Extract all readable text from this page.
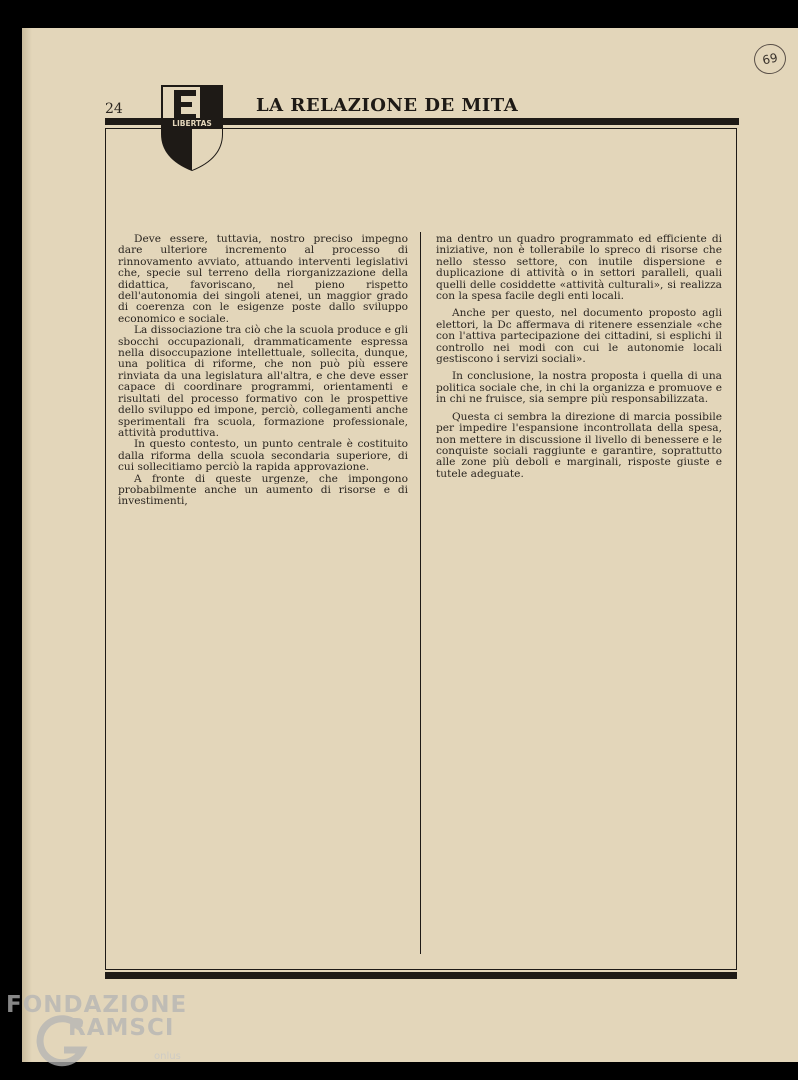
69
24	LA RELAZIONE DE MITA
LIBERTAS

Deve essere, tuttavia, nostro preciso impegno dare ulteriore incremento al processo di rinnovamento avviato, attuando interventi legislativi che, specie sul terreno della riorganizzazione della didattica, favoriscano, nel pieno rispetto dell'autonomia dei singoli atenei, un maggior grado di coerenza con le esigenze poste dallo sviluppo economico e sociale.

La dissociazione tra ciò che la scuola produce e gli sbocchi occupazionali, drammaticamente espressa nella disoccupazione intellettuale, sollecita, dunque, una politica di riforme, che non può più essere rinviata da una legislatura all'altra, e che deve esser capace di coordinare programmi, orientamenti e risultati del processo formativo con le prospettive dello sviluppo ed impone, perciò, collegamenti anche sperimentali fra scuola, formazione professionale, attività produttiva.

In questo contesto, un punto centrale è costituito dalla riforma della scuola secondaria superiore, di cui sollecitiamo perciò la rapida approvazione.

A fronte di queste urgenze, che impongono probabilmente anche un aumento di risorse e di investimenti,

ma dentro un quadro programmato ed efficiente di iniziative, non è tollerabile lo spreco di risorse che nello stesso settore, con inutile dispersione e duplicazione di attività o in settori paralleli, quali quelli delle cosiddette «attività culturali», si realizza con la spesa facile degli enti locali.

Anche per questo, nel documento proposto agli elettori, la Dc affermava di ritenere essenziale «che con l'attiva partecipazione dei cittadini, si esplichi il controllo nei modi con cui le autonomie locali gestiscono i servizi sociali».

In conclusione, la nostra proposta i quella di una politica sociale che, in chi la organizza e promuove e in chi ne fruisce, sia sempre più responsabilizzata.

Questa ci sembra la direzione di marcia possibile per impedire l'espansione incontrollata della spesa, non mettere in discussione il livello di benessere e le conquiste sociali raggiunte e garantire, soprattutto alle zone più deboli e marginali, risposte giuste e tutele adeguate.

FONDAZIONE
RAMSCI
onlus
